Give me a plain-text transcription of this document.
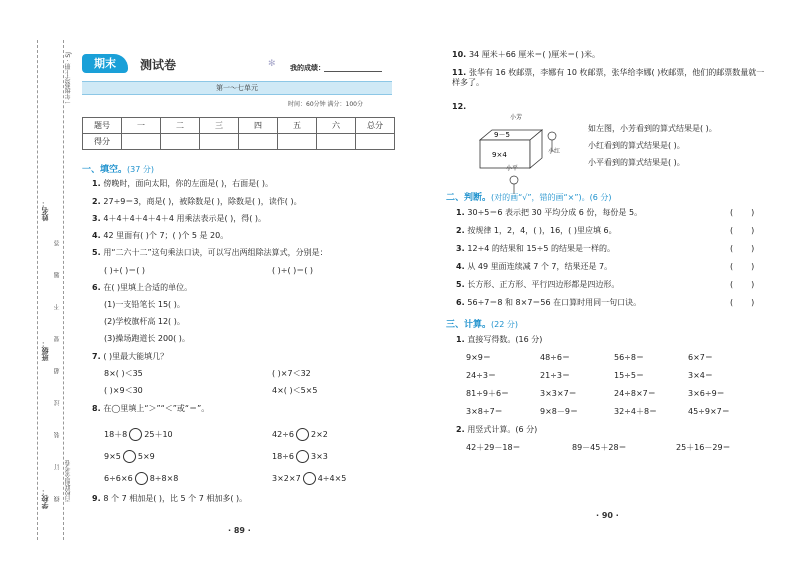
一年级数学上册 · SJ
姓名：
班级：
学校：
答
题
不
要
超
过
装
订
线 百校联盟金考卷
期末	测试卷	✻ 我的成绩：
第一～七单元
时间：60分钟 满分：100分
题号	一	二	三	四	五	六	总分
得分							
一、填空。(37 分)
1. 傍晚时，面向太阳，你的左面是( )，右面是( )。
2. 27÷9＝3，商是( )，被除数是( )，除数是( )，读作( )。
3. 4＋4＋4＋4＋4＋4 用乘法表示是( )，得( )。
4. 42 里面有( )个 7；( )个 5 是 20。
5. 用“二六十二”这句乘法口诀，可以写出两组除法算式，分别是：
( )÷( )＝( )	( )÷( )＝( )
6. 在( )里填上合适的单位。
(1)一支铅笔长 15( )。
(2)学校旗杆高 12( )。
(3)操场跑道长 200( )。
7. ( )里最大能填几？
8×( )＜35	( )×7＜32
( )×9＜30	4×( )＜5×5
8. 在◯里填上“＞”“＜”或“＝”。
18＋8 25＋10	42÷6 2×2
9×5 5×9	18÷6 3×3
6÷6×6 8÷8×8	3×2×7 4÷4×5
9. 8 个 7 相加是( )，比 5 个 7 相加多( )。
· 89 ·
10. 34 厘米＋66 厘米＝( )厘米＝( )米。
11. 张华有 16 枚邮票，李娜有 10 枚邮票，张华给李娜( )枚邮票，他们的邮票数量就一样多了。
12.
9－5
9×4
小芳
小红
小平
如左图，小芳看到的算式结果是( )。
小红看到的算式结果是( )。
小平看到的算式结果是( )。
二、判断。(对的画“√”，错的画“×”)。(6 分)
1. 30÷5＝6 表示把 30 平均分成 6 份，每份是 5。	( )
2. 按规律 1，2，4，( )，16，( )里应填 6。	( )
3. 12÷4 的结果和 15÷5 的结果是一样的。	( )
4. 从 49 里面连续减 7 个 7，结果还是 7。	( )
5. 长方形、正方形、平行四边形都是四边形。	( )
6. 56÷7＝8 和 8×7＝56 在口算时用同一句口诀。	( )
三、计算。(22 分)
1. 直接写得数。(16 分)
9×9＝	48÷6＝	56÷8＝	6×7＝
24÷3＝	21÷3＝	15÷5＝	3×4＝
81÷9＋6＝	3×3×7＝	24÷8×7＝	3×6÷9＝
3×8÷7＝	9×8－9＝	32÷4＋8＝	45÷9×7＝
2. 用竖式计算。(6 分)
42＋29－18＝	89－45＋28＝	25＋16－29＝
· 90 ·
